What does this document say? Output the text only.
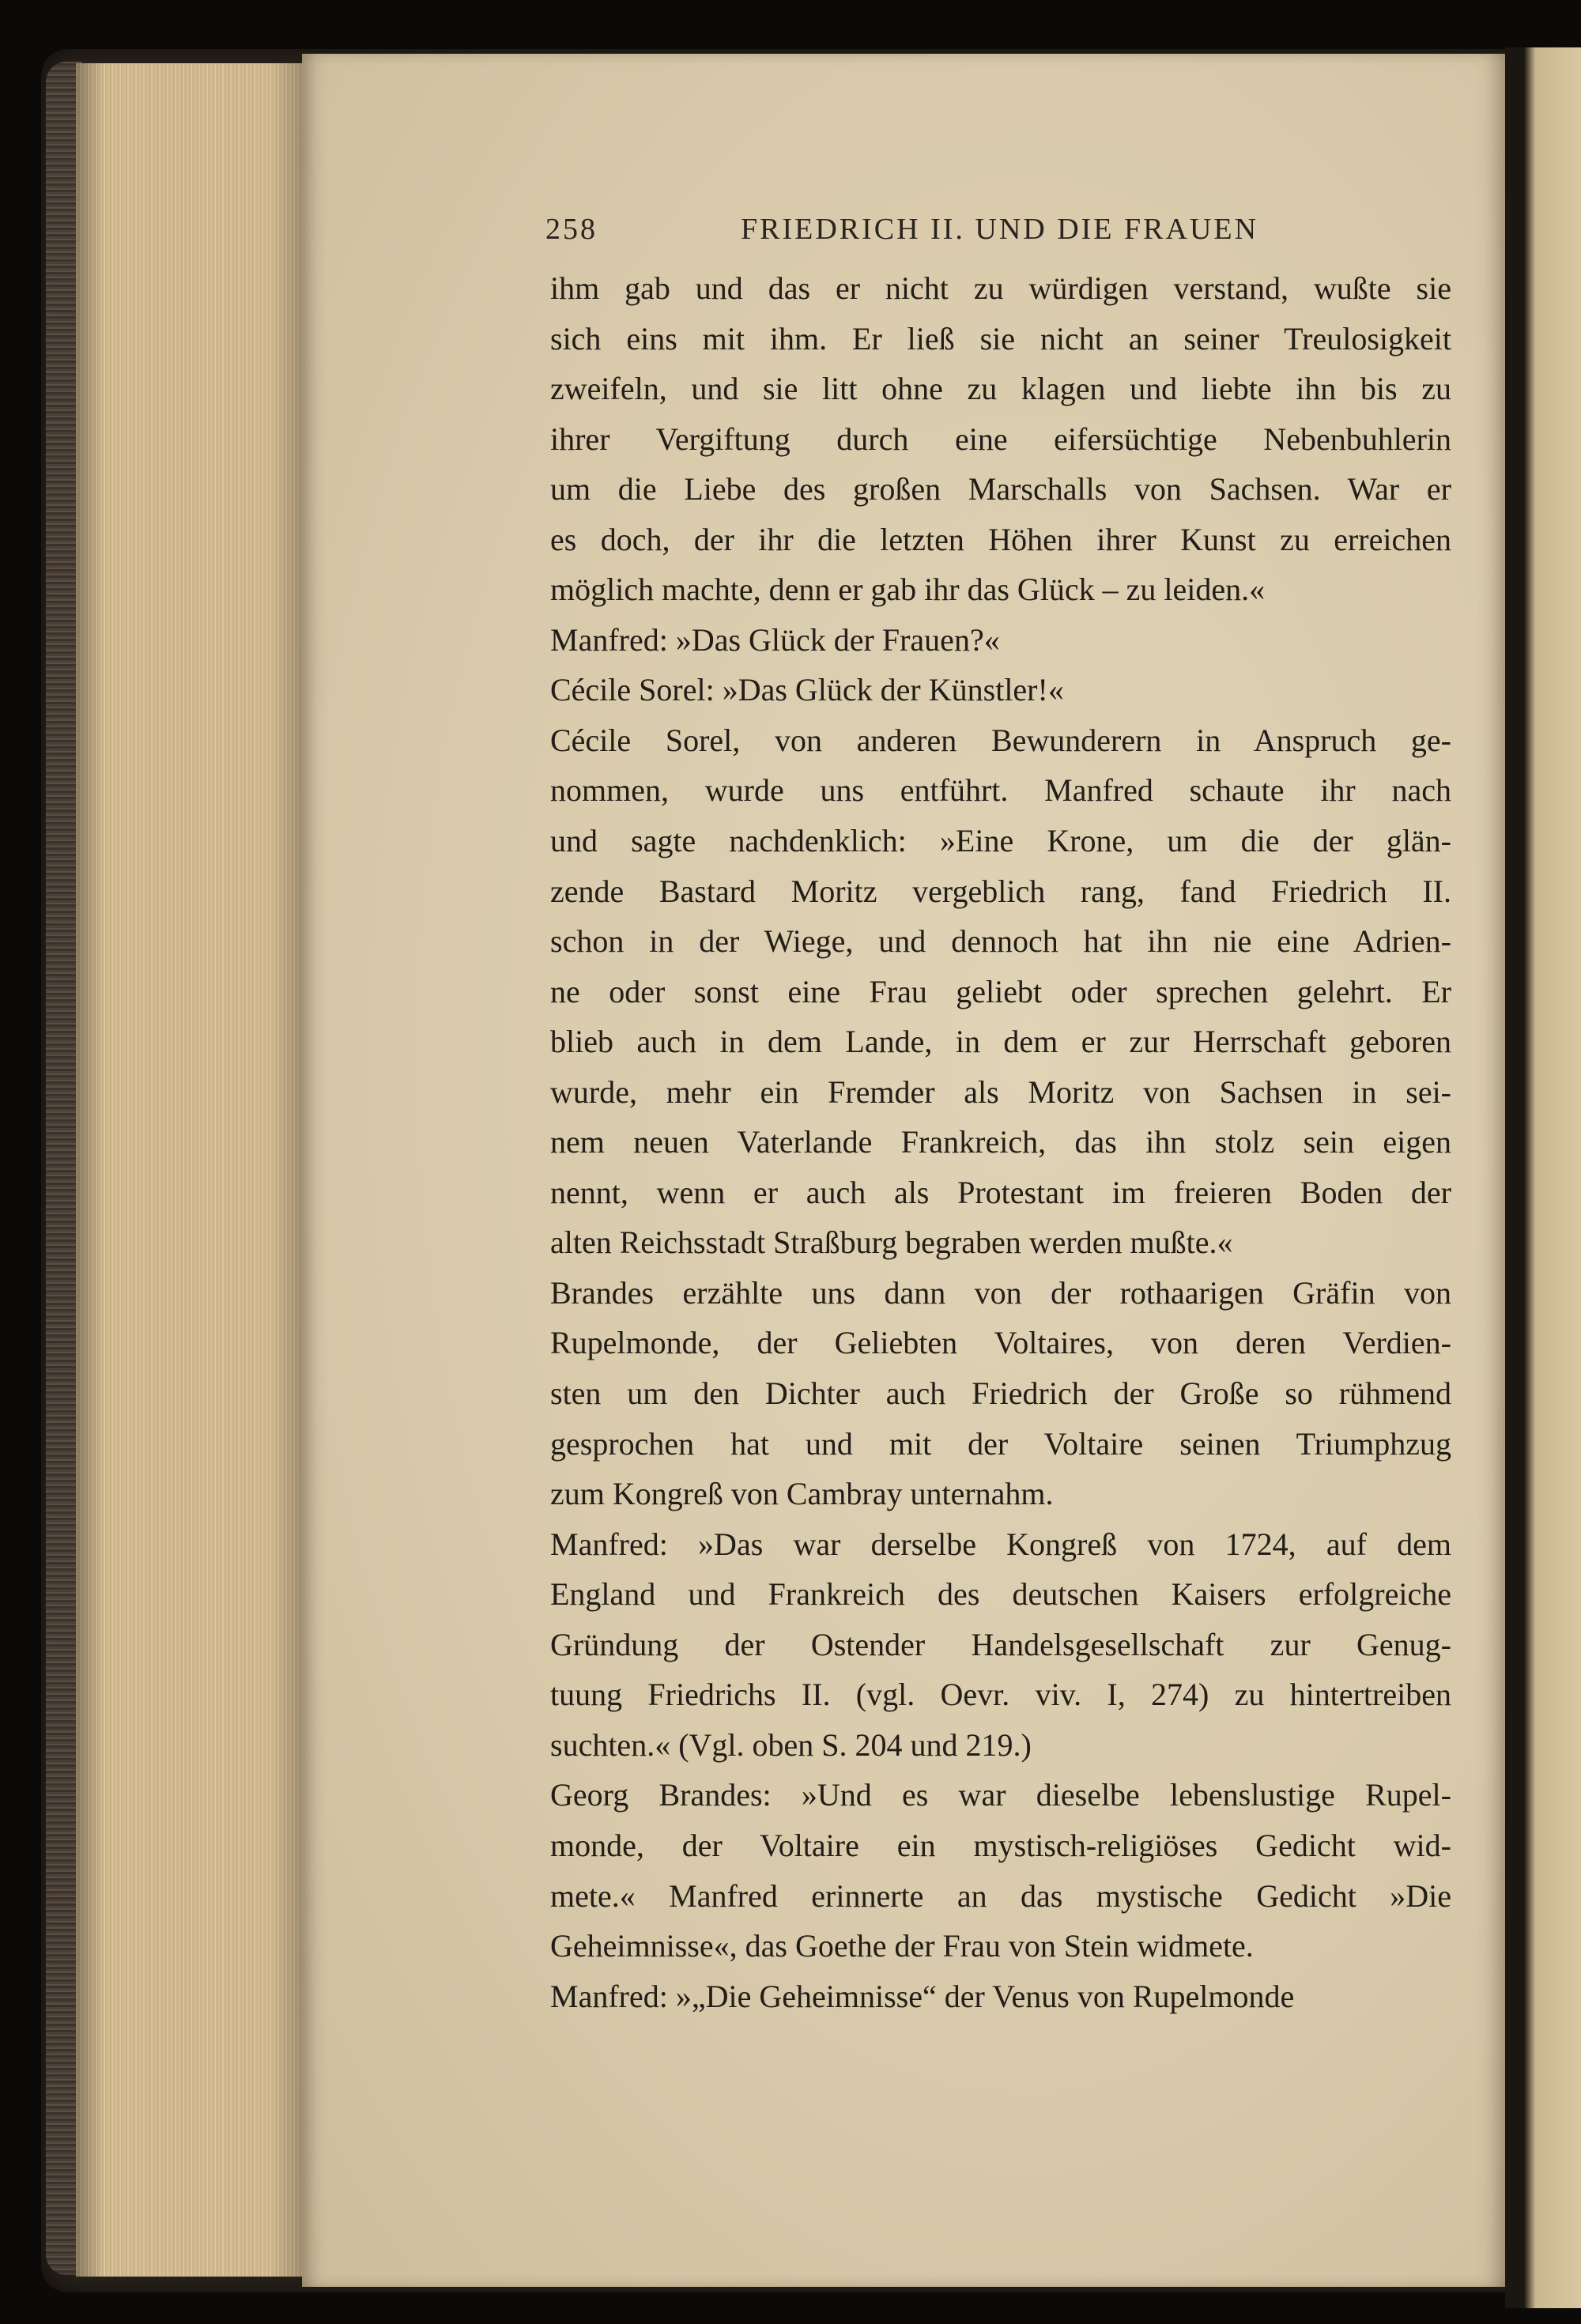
258	FRIEDRICH II. UND DIE FRAUEN
ihm gab und das er nicht zu würdigen verstand, wußte sie
sich eins mit ihm. Er ließ sie nicht an seiner Treulosigkeit
zweifeln, und sie litt ohne zu klagen und liebte ihn bis zu
ihrer Vergiftung durch eine eifersüchtige Nebenbuhlerin
um die Liebe des großen Marschalls von Sachsen. War er
es doch, der ihr die letzten Höhen ihrer Kunst zu erreichen
möglich machte, denn er gab ihr das Glück – zu leiden.«
Manfred: »Das Glück der Frauen?«
Cécile Sorel: »Das Glück der Künstler!«
Cécile Sorel, von anderen Bewunderern in Anspruch ge-
nommen, wurde uns entführt. Manfred schaute ihr nach
und sagte nachdenklich: »Eine Krone, um die der glän-
zende Bastard Moritz vergeblich rang, fand Friedrich II.
schon in der Wiege, und dennoch hat ihn nie eine Adrien-
ne oder sonst eine Frau geliebt oder sprechen gelehrt. Er
blieb auch in dem Lande, in dem er zur Herrschaft geboren
wurde, mehr ein Fremder als Moritz von Sachsen in sei-
nem neuen Vaterlande Frankreich, das ihn stolz sein eigen
nennt, wenn er auch als Protestant im freieren Boden der
alten Reichsstadt Straßburg begraben werden mußte.«
Brandes erzählte uns dann von der rothaarigen Gräfin von
Rupelmonde, der Geliebten Voltaires, von deren Verdien-
sten um den Dichter auch Friedrich der Große so rühmend
gesprochen hat und mit der Voltaire seinen Triumphzug
zum Kongreß von Cambray unternahm.
Manfred: »Das war derselbe Kongreß von 1724, auf dem
England und Frankreich des deutschen Kaisers erfolgreiche
Gründung der Ostender Handelsgesellschaft zur Genug-
tuung Friedrichs II. (vgl. Oevr. viv. I, 274) zu hintertreiben
suchten.« (Vgl. oben S. 204 und 219.)
Georg Brandes: »Und es war dieselbe lebenslustige Rupel-
monde, der Voltaire ein mystisch-religiöses Gedicht wid-
mete.« Manfred erinnerte an das mystische Gedicht »Die
Geheimnisse«, das Goethe der Frau von Stein widmete.
Manfred: »„Die Geheimnisse“ der Venus von Rupelmonde
